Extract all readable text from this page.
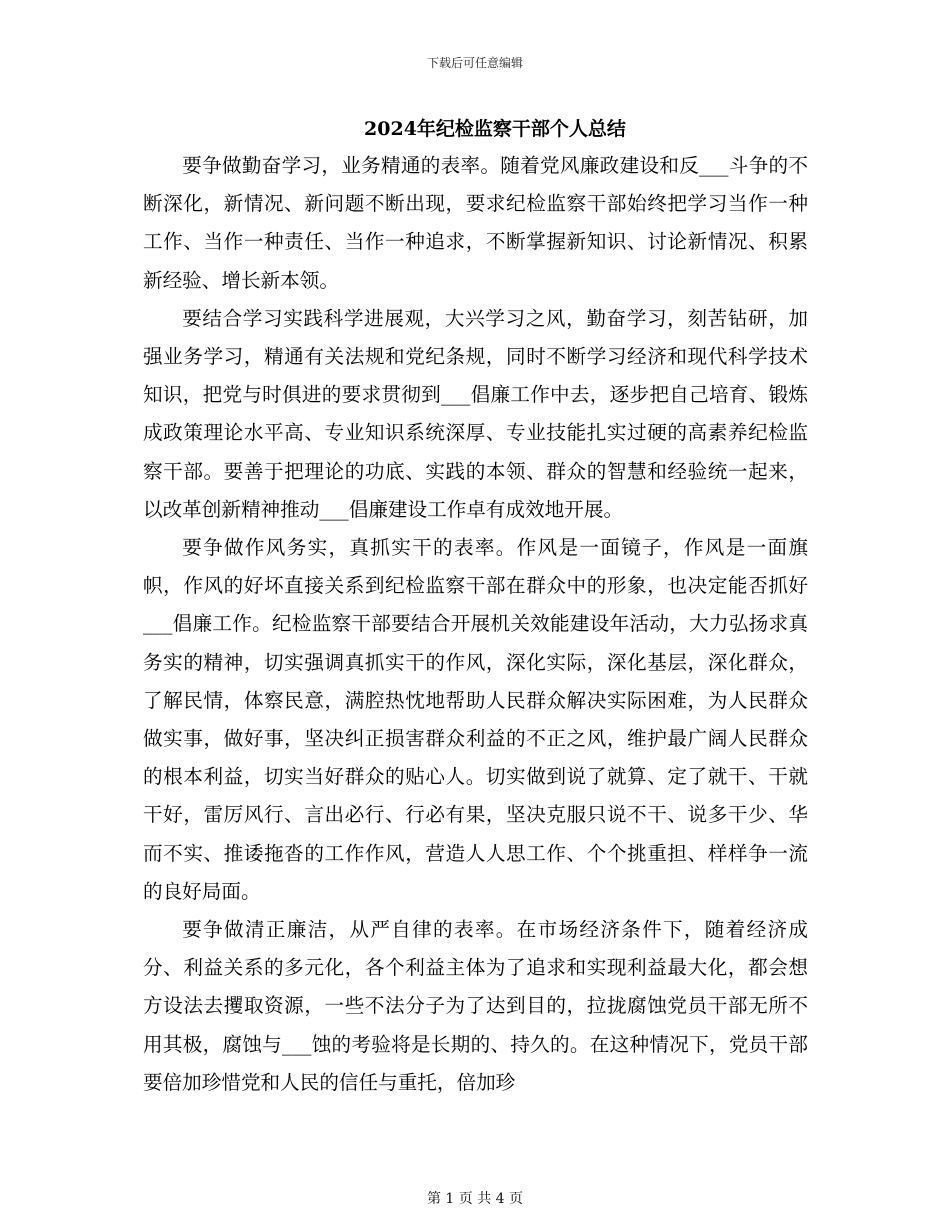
下载后可任意编辑
2024年纪检监察干部个人总结

要争做勤奋学习，业务精通的表率。随着党风廉政建设和反___斗争的不断深化，新情况、新问题不断出现，要求纪检监察干部始终把学习当作一种工作、当作一种责任、当作一种追求，不断掌握新知识、讨论新情况、积累新经验、增长新本领。

要结合学习实践科学进展观，大兴学习之风，勤奋学习，刻苦钻研，加强业务学习，精通有关法规和党纪条规，同时不断学习经济和现代科学技术知识，把党与时俱进的要求贯彻到___倡廉工作中去，逐步把自己培育、锻炼成政策理论水平高、专业知识系统深厚、专业技能扎实过硬的高素养纪检监察干部。要善于把理论的功底、实践的本领、群众的智慧和经验统一起来，以改革创新精神推动___倡廉建设工作卓有成效地开展。

要争做作风务实，真抓实干的表率。作风是一面镜子，作风是一面旗帜，作风的好坏直接关系到纪检监察干部在群众中的形象，也决定能否抓好___倡廉工作。纪检监察干部要结合开展机关效能建设年活动，大力弘扬求真务实的精神，切实强调真抓实干的作风，深化实际，深化基层，深化群众，了解民情，体察民意，满腔热忱地帮助人民群众解决实际困难，为人民群众做实事，做好事，坚决纠正损害群众利益的不正之风，维护最广阔人民群众的根本利益，切实当好群众的贴心人。切实做到说了就算、定了就干、干就干好，雷厉风行、言出必行、行必有果，坚决克服只说不干、说多干少、华而不实、推诿拖沓的工作作风，营造人人思工作、个个挑重担、样样争一流的良好局面。

要争做清正廉洁，从严自律的表率。在市场经济条件下，随着经济成分、利益关系的多元化，各个利益主体为了追求和实现利益最大化，都会想方设法去攫取资源，一些不法分子为了达到目的，拉拢腐蚀党员干部无所不用其极，腐蚀与___蚀的考验将是长期的、持久的。在这种情况下，党员干部要倍加珍惜党和人民的信任与重托，倍加珍

第 1 页 共 4 页
